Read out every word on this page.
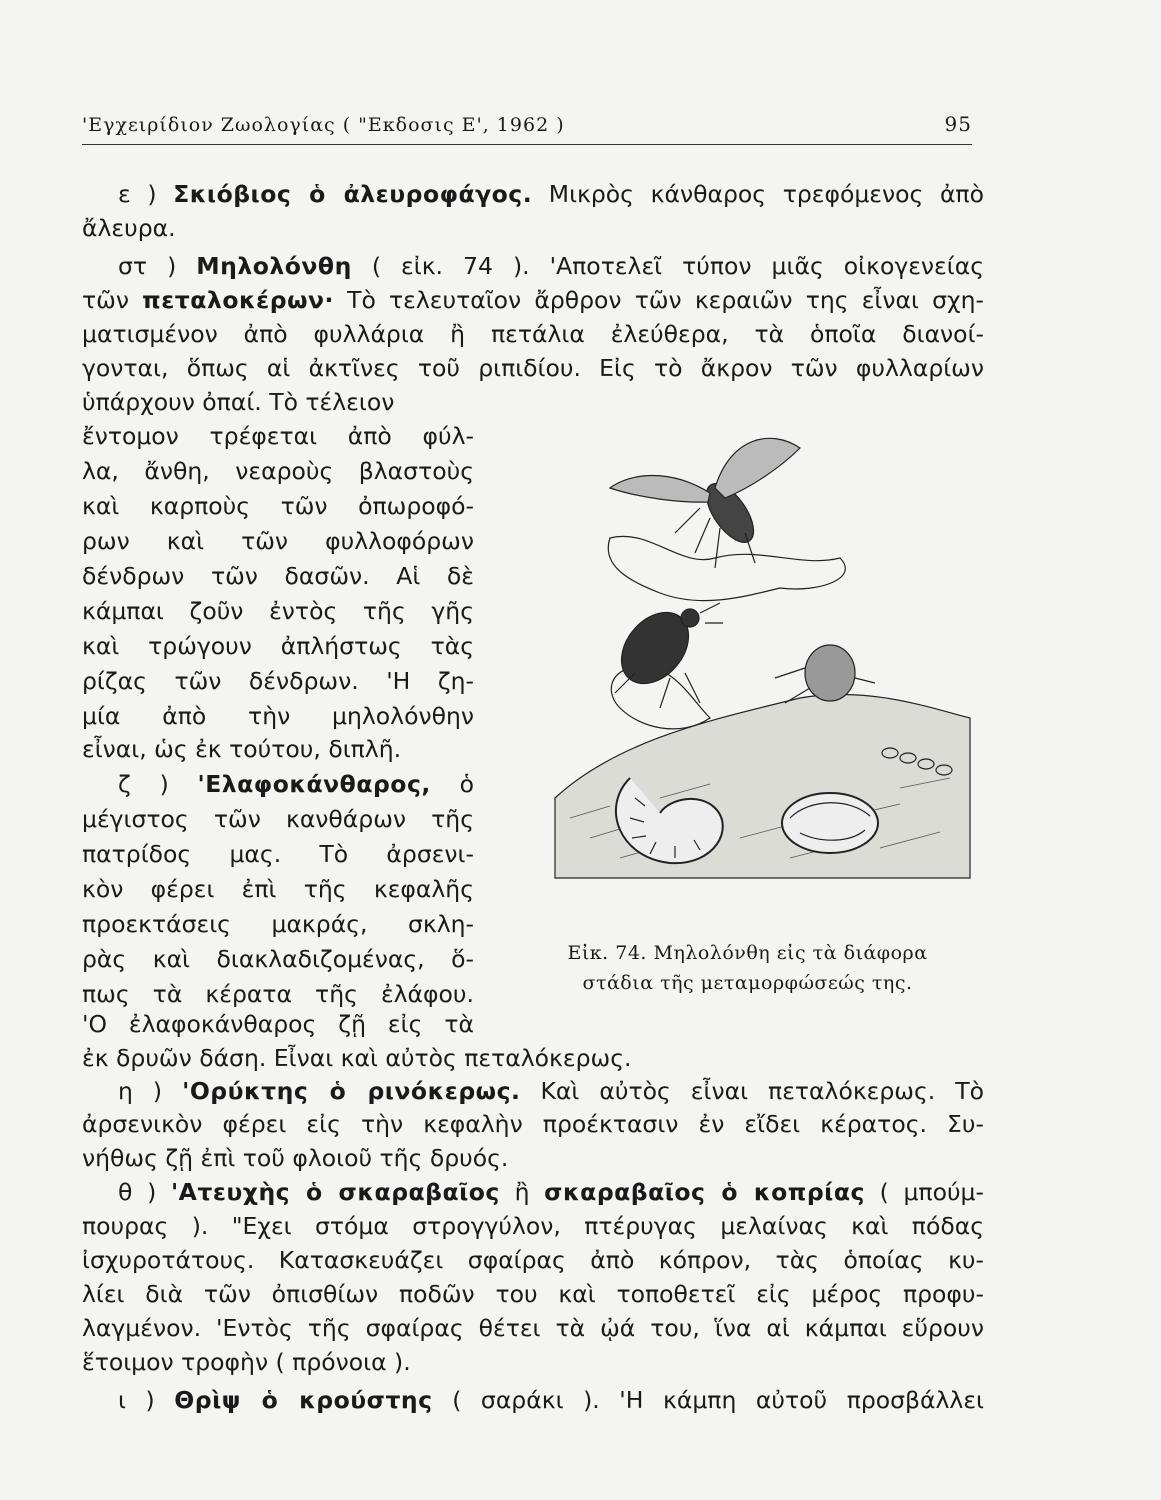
'Εγχειρίδιον Ζωολογίας ( "Εκδοσις Ε', 1962 )	95
ε ) Σκιόβιος ὁ ἀλευροφάγος. Μικρὸς κάνθαρος τρεφόμενος ἀπὸ
ἄλευρα.
στ ) Μηλολόνθη ( εἰκ. 74 ). 'Αποτελεῖ τύπον μιᾶς οἰκογενείας
τῶν πεταλοκέρων· Τὸ τελευταῖον ἄρθρον τῶν κεραιῶν της εἶναι σχη-
ματισμένον ἀπὸ φυλλάρια ἢ πετάλια ἐλεύθερα, τὰ ὁποῖα διανοί-
γονται, ὅπως αἱ ἀκτῖνες τοῦ ριπιδίου. Εἰς τὸ ἄκρον τῶν φυλλαρίων
ὑπάρχουν ὀπαί. Τὸ τέλειον
ἔντομον τρέφεται ἀπὸ φύλ-
λα, ἄνθη, νεαροὺς βλαστοὺς
καὶ καρποὺς τῶν ὀπωροφό-
ρων καὶ τῶν φυλλοφόρων
δένδρων τῶν δασῶν. Αἱ δὲ
κάμπαι ζοῦν ἐντὸς τῆς γῆς
καὶ τρώγουν ἀπλήστως τὰς
ρίζας τῶν δένδρων. 'Η ζη-
μία ἀπὸ τὴν μηλολόνθην
εἶναι, ὡς ἐκ τούτου, διπλῆ.
ζ ) 'Ελαφοκάνθαρος, ὁ
μέγιστος τῶν κανθάρων τῆς
πατρίδος μας. Τὸ ἀρσενι-
κὸν φέρει ἐπὶ τῆς κεφαλῆς
προεκτάσεις μακράς, σκλη-
ρὰς καὶ διακλαδιζομένας, ὅ-
πως τὰ κέρατα τῆς ἐλάφου.
'Ο ἐλαφοκάνθαρος ζῇ εἰς τὰ
ἐκ δρυῶν δάση. Εἶναι καὶ αὐτὸς πεταλόκερως.
η ) 'Ορύκτης ὁ ρινόκερως. Καὶ αὐτὸς εἶναι πεταλόκερως. Τὸ
ἀρσενικὸν φέρει εἰς τὴν κεφαλὴν προέκτασιν ἐν εἴδει κέρατος. Συ-
νήθως ζῇ ἐπὶ τοῦ φλοιοῦ τῆς δρυός.
θ ) 'Ατευχὴς ὁ σκαραβαῖος ἢ σκαραβαῖος ὁ κοπρίας ( μπούμ-
πουρας ). "Εχει στόμα στρογγύλον, πτέρυγας μελαίνας καὶ πόδας
ἰσχυροτάτους. Κατασκευάζει σφαίρας ἀπὸ κόπρον, τὰς ὁποίας κυ-
λίει διὰ τῶν ὀπισθίων ποδῶν του καὶ τοποθετεῖ εἰς μέρος προφυ-
λαγμένον. 'Εντὸς τῆς σφαίρας θέτει τὰ ᾠά του, ἵνα αἱ κάμπαι εὕρουν
ἕτοιμον τροφὴν ( πρόνοια ).
ι ) Θρὶψ ὁ κρούστης ( σαράκι ). 'Η κάμπη αὐτοῦ προσβάλλει
Εἰκ. 74. Μηλολόνθη εἰς τὰ διάφορα
στάδια τῆς μεταμορφώσεώς της.
